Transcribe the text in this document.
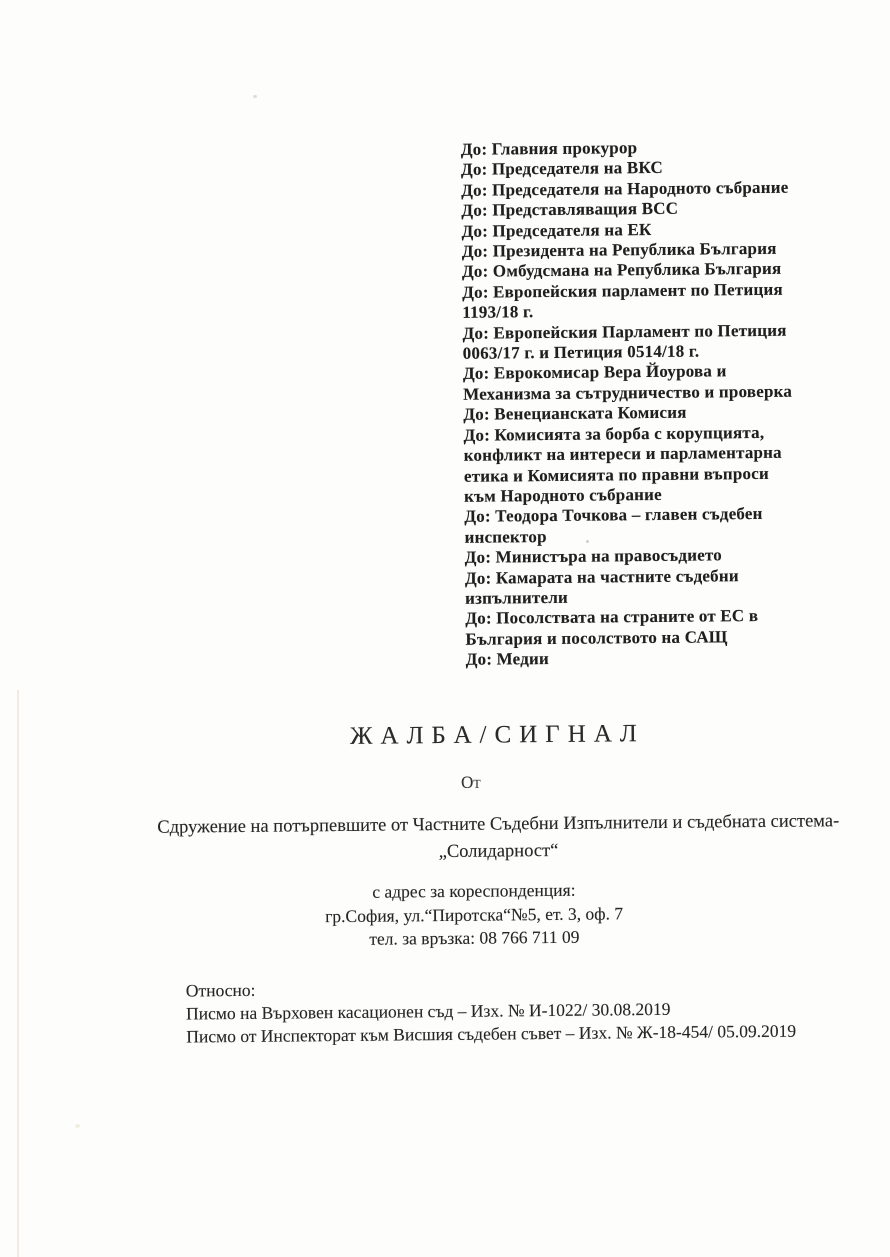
До: Главния прокурор
До: Председателя на ВКС
До: Председателя на Народното събрание
До: Представляващия ВСС
До: Председателя на ЕК
До: Президента на Република България
До: Омбудсмана на Република България
До: Европейския парламент по Петиция
1193/18 г.
До: Европейския Парламент по Петиция
0063/17 г. и Петиция 0514/18 г.
До: Еврокомисар Вера Йоурова и
Механизма за сътрудничество и проверка
До: Венецианската Комисия
До: Комисията за борба с корупцията,
конфликт на интереси и парламентарна
етика и Комисията по правни въпроси
към Народното събрание
До: Теодора Точкова – главен съдебен
инспектор
До: Министъра на правосъдието
До: Камарата на частните съдебни
изпълнители
До: Посолствата на страните от ЕС в
България и посолството на САЩ
До: Медии
ЖАЛБА/СИГНАЛ
От
Сдружение на потърпевшите от Частните Съдебни Изпълнители и съдебната система-
„Солидарност“
с адрес за кореспонденция:
гр.София, ул.“Пиротска“№5, ет. 3, оф. 7
тел. за връзка: 08 766 711 09
Относно:
Писмо на Върховен касационен съд – Изх. № И-1022/ 30.08.2019
Писмо от Инспекторат към Висшия съдебен съвет – Изх. № Ж-18-454/ 05.09.2019
